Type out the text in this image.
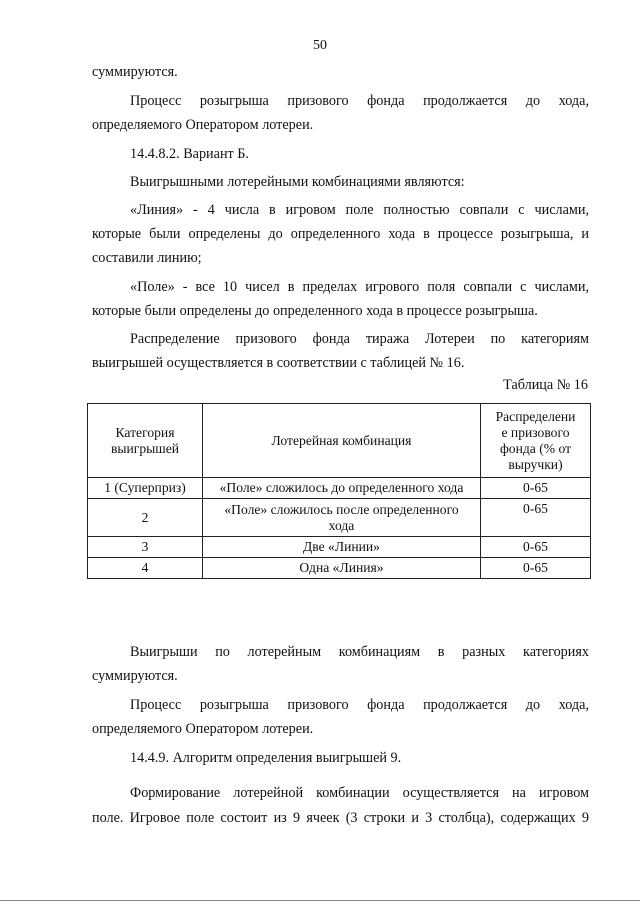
50
суммируются.
Процесс розыгрыша призового фонда продолжается до хода,
определяемого Оператором лотереи.
14.4.8.2. Вариант Б.
Выигрышными лотерейными комбинациями являются:
«Линия» - 4 числа в игровом поле полностью совпали с числами,
которые были определены до определенного хода в процессе розыгрыша, и
составили линию;
«Поле» - все 10 чисел в пределах игрового поля совпали с числами,
которые были определены до определенного хода в процессе розыгрыша.
Распределение призового фонда тиража Лотереи по категориям
выигрышей осуществляется в соответствии с таблицей № 16.
Таблица № 16
Категория
выигрышей	Лотерейная комбинация	Распределени
е призового
фонда (% от
выручки)
1 (Суперприз)	«Поле» сложилось до определенного хода	0-65
2	«Поле» сложилось после определенного
хода	0-65
3	Две «Линии»	0-65
4	Одна «Линия»	0-65
Выигрыши по лотерейным комбинациям в разных категориях
суммируются.
Процесс розыгрыша призового фонда продолжается до хода,
определяемого Оператором лотереи.
14.4.9. Алгоритм определения выигрышей 9.
Формирование лотерейной комбинации осуществляется на игровом
поле. Игровое поле состоит из 9 ячеек (3 строки и 3 столбца), содержащих 9
